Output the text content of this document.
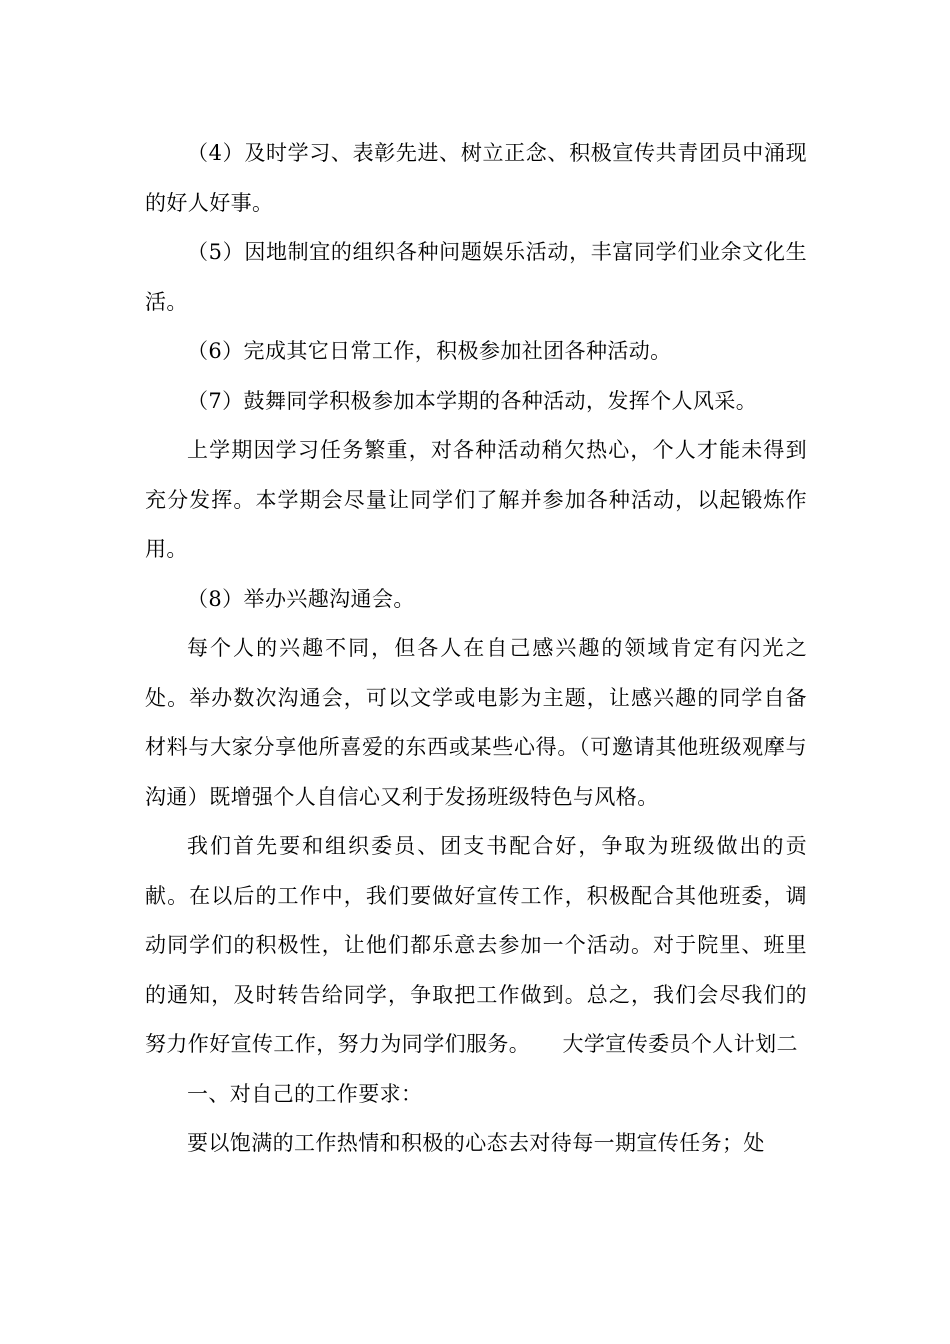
（4）及时学习、表彰先进、树立正念、积极宣传共青团员中涌现的好人好事。

（5）因地制宜的组织各种问题娱乐活动，丰富同学们业余文化生活。

（6）完成其它日常工作，积极参加社团各种活动。

（7）鼓舞同学积极参加本学期的各种活动，发挥个人风采。

上学期因学习任务繁重，对各种活动稍欠热心，个人才能未得到充分发挥。本学期会尽量让同学们了解并参加各种活动，以起锻炼作用。

（8）举办兴趣沟通会。

每个人的兴趣不同，但各人在自己感兴趣的领域肯定有闪光之处。举办数次沟通会，可以文学或电影为主题，让感兴趣的同学自备材料与大家分享他所喜爱的东西或某些心得。（可邀请其他班级观摩与沟通）既增强个人自信心又利于发扬班级特色与风格。

我们首先要和组织委员、团支书配合好，争取为班级做出的贡献。在以后的工作中，我们要做好宣传工作，积极配合其他班委，调动同学们的积极性，让他们都乐意去参加一个活动。对于院里、班里的通知，及时转告给同学，争取把工作做到。总之，我们会尽我们的努力作好宣传工作，努力为同学们服务。　　大学宣传委员个人计划二

一、对自己的工作要求：

要以饱满的工作热情和积极的心态去对待每一期宣传任务；处
